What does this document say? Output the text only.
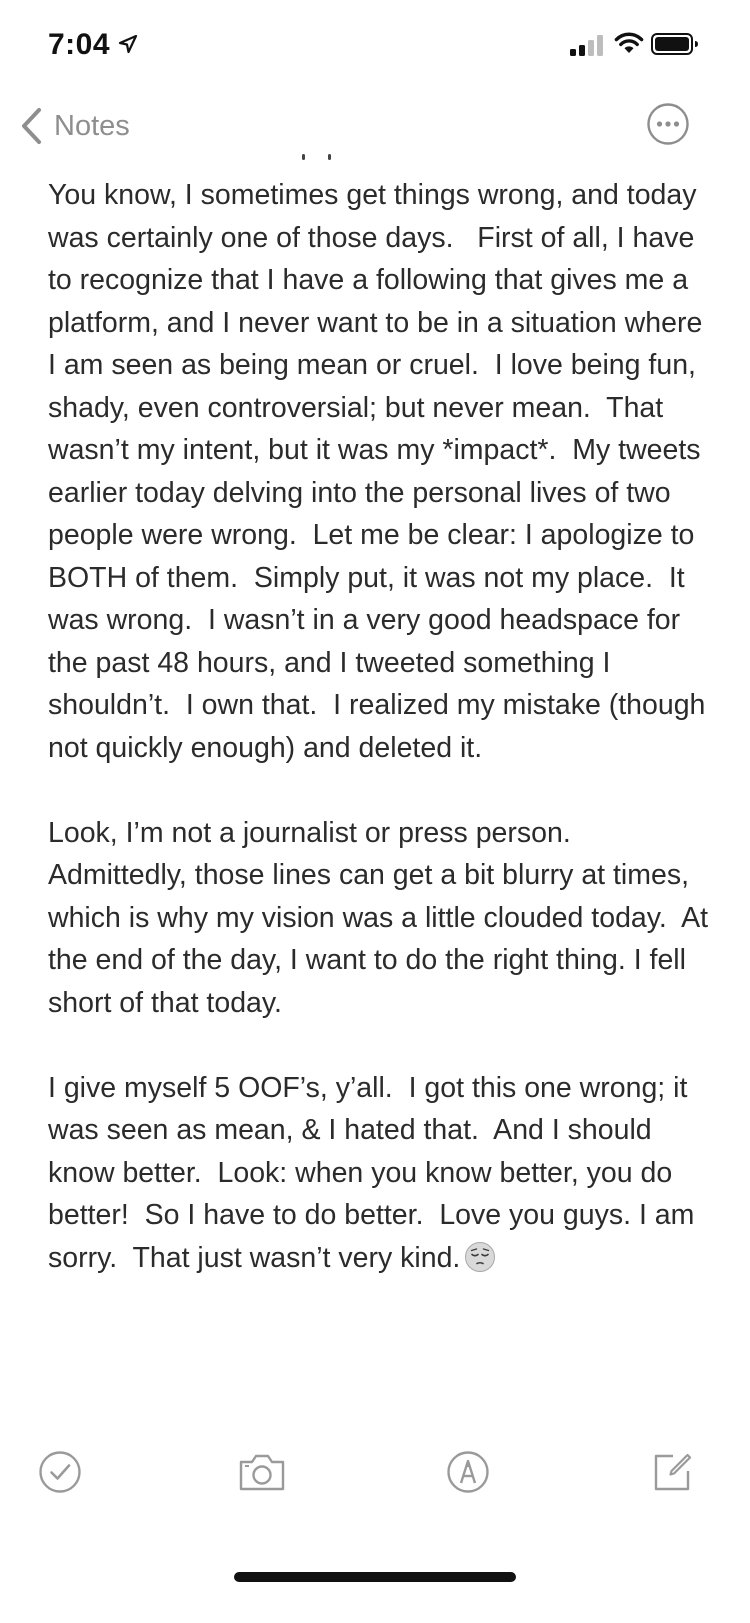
7:04
Notes

You know, I sometimes get things wrong, and today was certainly one of those days.   First of all, I have to recognize that I have a following that gives me a platform, and I never want to be in a situation where I am seen as being mean or cruel.  I love being fun, shady, even controversial; but never mean.  That wasn’t my intent, but it was my *impact*.  My tweets earlier today delving into the personal lives of two people were wrong.  Let me be clear: I apologize to BOTH of them.  Simply put, it was not my place.  It was wrong.  I wasn’t in a very good headspace for the past 48 hours, and I tweeted something I shouldn’t.  I own that.  I realized my mistake (though not quickly enough) and deleted it.

Look, I’m not a journalist or press person.  Admittedly, those lines can get a bit blurry at times, which is why my vision was a little clouded today.  At the end of the day, I want to do the right thing. I fell short of that today.

I give myself 5 OOF’s, y’all.  I got this one wrong; it was seen as mean, & I hated that.  And I should know better.  Look: when you know better, you do better!  So I have to do better.  Love you guys. I am sorry.  That just wasn’t very kind.
